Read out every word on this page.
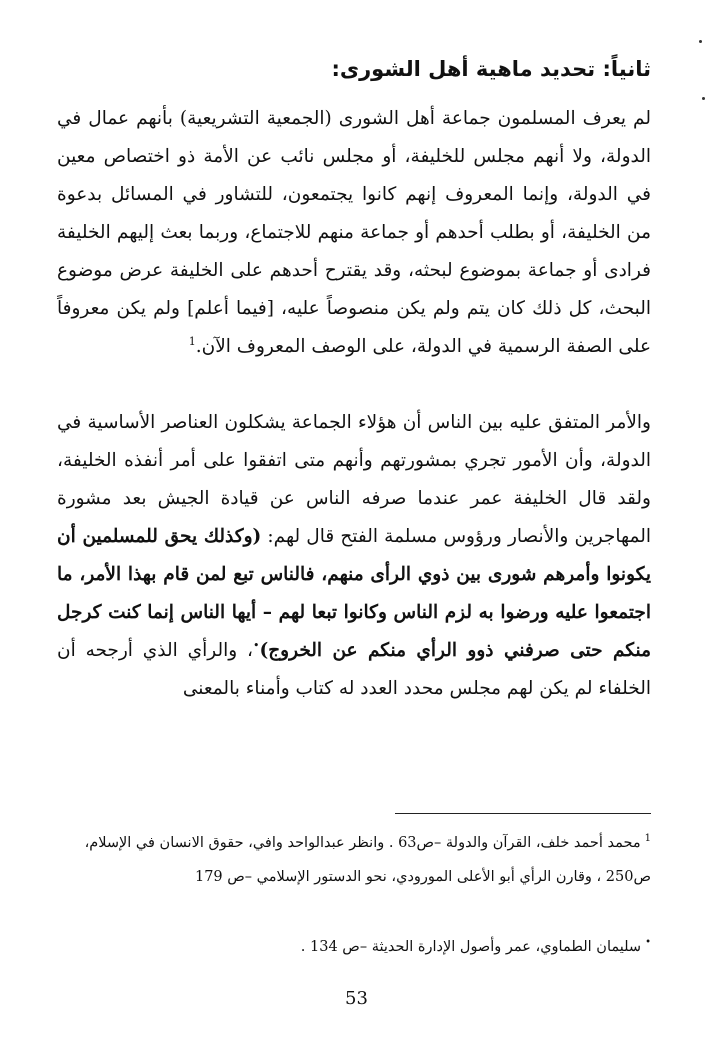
ثانياً: تحديد ماهية أهل الشورى:

لم يعرف المسلمون جماعة أهل الشورى (الجمعية التشريعية) بأنهم عمال في الدولة، ولا أنهم مجلس للخليفة، أو مجلس نائب عن الأمة ذو اختصاص معين في الدولة، وإنما المعروف إنهم كانوا يجتمعون، للتشاور في المسائل بدعوة من الخليفة، أو بطلب أحدهم أو جماعة منهم للاجتماع، وربما بعث إليهم الخليفة فرادى أو جماعة بموضوع لبحثه، وقد يقترح أحدهم على الخليفة عرض موضوع البحث، كل ذلك كان يتم ولم يكن منصوصاً عليه، [فيما أعلم] ولم يكن معروفاً على الصفة الرسمية في الدولة، على الوصف المعروف الآن.$^1$

والأمر المتفق عليه بين الناس أن هؤلاء الجماعة يشكلون العناصر الأساسية في الدولة، وأن الأمور تجري بمشورتهم وأنهم متى اتفقوا على أمر أنفذه الخليفة، ولقد قال الخليفة عمر عندما صرفه الناس عن قيادة الجيش بعد مشورة المهاجرين والأنصار ورؤوس مسلمة الفتح قال لهم: (وكذلك يحق للمسلمين أن يكونوا وأمرهم شورى بين ذوي الرأى منهم، فالناس تبع لمن قام بهذا الأمر، ما اجتمعوا عليه ورضوا به لزم الناس وكانوا تبعا لهم – أيها الناس إنما كنت كرجل منكم حتى صرفني ذوو الرأي منكم عن الخروج)•، والرأي الذي أرجحه أن الخلفاء لم يكن لهم مجلس محدد العدد له كتاب وأمناء بالمعنى

$^1$محمد أحمد خلف، القرآن والدولة –ص63 . وانظر عبدالواحد وافي، حقوق الانسان في الإسلام، ص250 ، وقارن الرأي أبو الأعلى المورودي، نحو الدستور الإسلامي –ص 179

•سليمان الطماوي، عمر وأصول الإدارة الحديثة –ص 134 .

53
